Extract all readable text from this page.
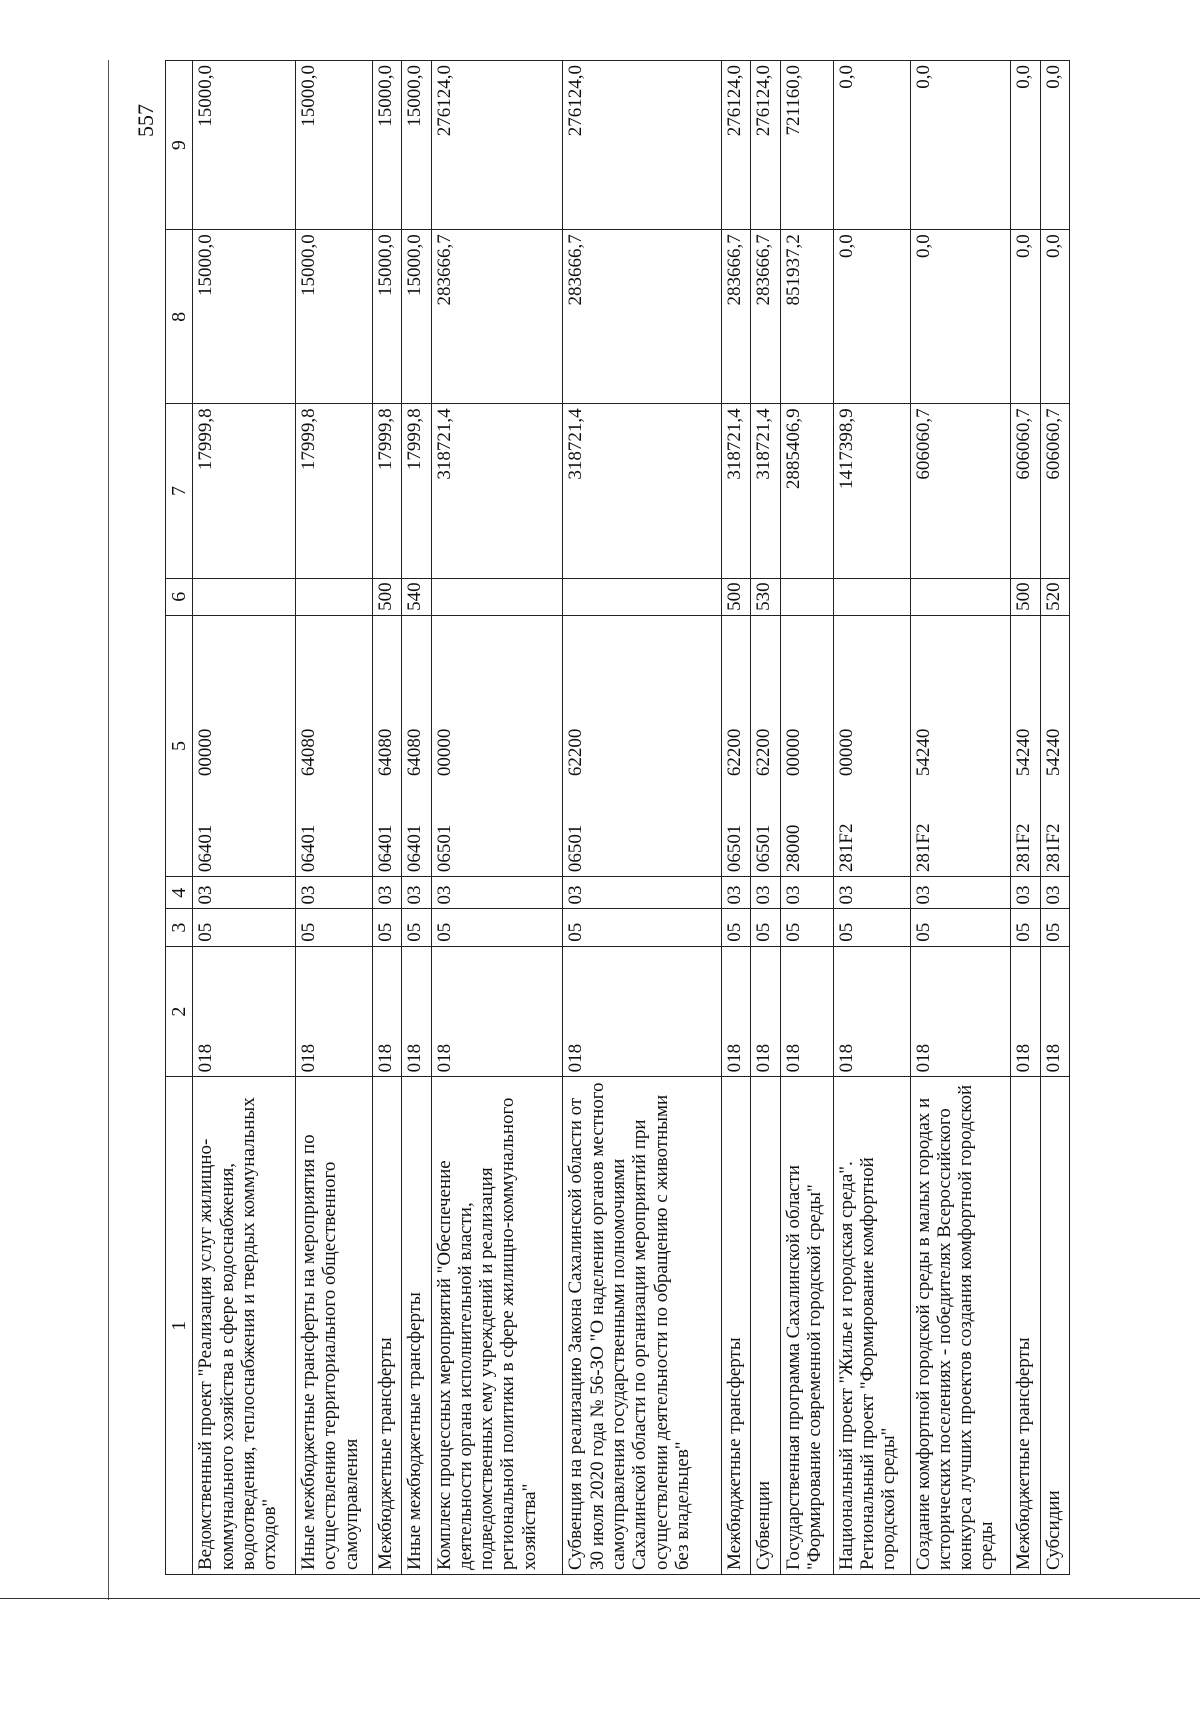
557
1	2	3	4	5	6	7	8	9
Ведомственный проект "Реализация услуг жилищно-коммунального хозяйства в сфере водоснабжения, водоотведения, теплоснабжения и твердых коммунальных отходов"	018	05	03	0640100000		17999,8	15000,0	15000,0
Иные межбюджетные трансферты на мероприятия по осуществлению территориального общественного самоуправления	018	05	03	0640164080		17999,8	15000,0	15000,0
Межбюджетные трансферты	018	05	03	0640164080	500	17999,8	15000,0	15000,0
Иные межбюджетные трансферты	018	05	03	0640164080	540	17999,8	15000,0	15000,0
Комплекс процессных мероприятий "Обеспечение деятельности органа исполнительной власти, подведомственных ему учреждений и реализация региональной политики в сфере жилищно-коммунального хозяйства"	018	05	03	0650100000		318721,4	283666,7	276124,0
Субвенция на реализацию Закона Сахалинской области от 30 июля 2020 года № 56-ЗО "О наделении органов местного самоуправления государственными полномочиями Сахалинской области по организации мероприятий при осуществлении деятельности по обращению с животными без владельцев"	018	05	03	0650162200		318721,4	283666,7	276124,0
Межбюджетные трансферты	018	05	03	0650162200	500	318721,4	283666,7	276124,0
Субвенции	018	05	03	0650162200	530	318721,4	283666,7	276124,0
Государственная программа Сахалинской области "Формирование современной городской среды"	018	05	03	2800000000		2885406,9	851937,2	721160,0
Национальный проект "Жилье и городская среда". Региональный проект "Формирование комфортной городской среды"	018	05	03	281F200000		1417398,9	0,0	0,0
Создание комфортной городской среды в малых городах и исторических поселениях - победителях Всероссийского конкурса лучших проектов создания комфортной городской среды	018	05	03	281F254240		606060,7	0,0	0,0
Межбюджетные трансферты	018	05	03	281F254240	500	606060,7	0,0	0,0
Субсидии	018	05	03	281F254240	520	606060,7	0,0	0,0
